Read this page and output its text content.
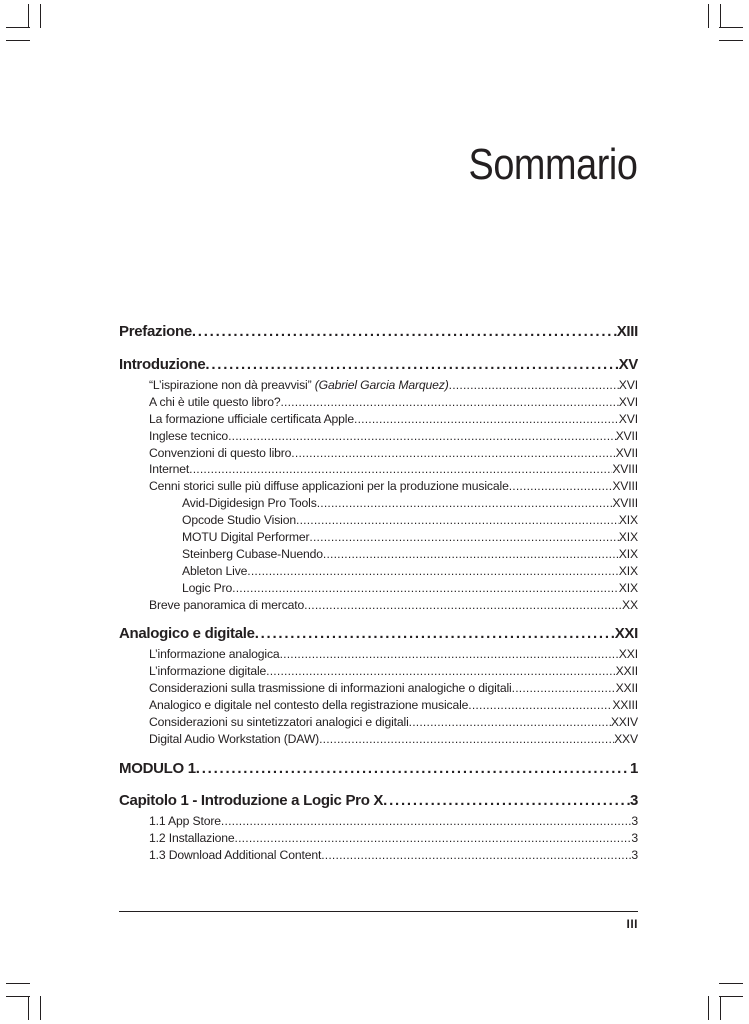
Sommario
Prefazione . . .	XIII
Introduzione . . .	XV
“L’ispirazione non dà preavvisi” (Gabriel Garcia Marquez) . . .	XVI
A chi è utile questo libro? . . .	XVI
La formazione ufficiale certificata Apple . . .	XVI
Inglese tecnico . . .	XVII
Convenzioni di questo libro . . .	XVII
Internet . . .	XVIII
Cenni storici sulle più diffuse applicazioni per la produzione musicale . . .	XVIII
Avid-Digidesign Pro Tools . . .	XVIII
Opcode Studio Vision . . .	XIX
MOTU Digital Performer . . .	XIX
Steinberg Cubase-Nuendo . . .	XIX
Ableton Live . . .	XIX
Logic Pro . . .	XIX
Breve panoramica di mercato . . .	XX
Analogico e digitale . . .	XXI
L’informazione analogica . . .	XXI
L’informazione digitale . . .	XXII
Considerazioni sulla trasmissione di informazioni analogiche o digitali . . .	XXII
Analogico e digitale nel contesto della registrazione musicale . . .	XXIII
Considerazioni su sintetizzatori analogici e digitali . . .	XXIV
Digital Audio Workstation (DAW) . . .	XXV
MODULO 1 . . .	1
Capitolo 1 - Introduzione a Logic Pro X . . .	3
1.1 App Store . . .	3
1.2 Installazione . . .	3
1.3 Download Additional Content . . .	3
III
